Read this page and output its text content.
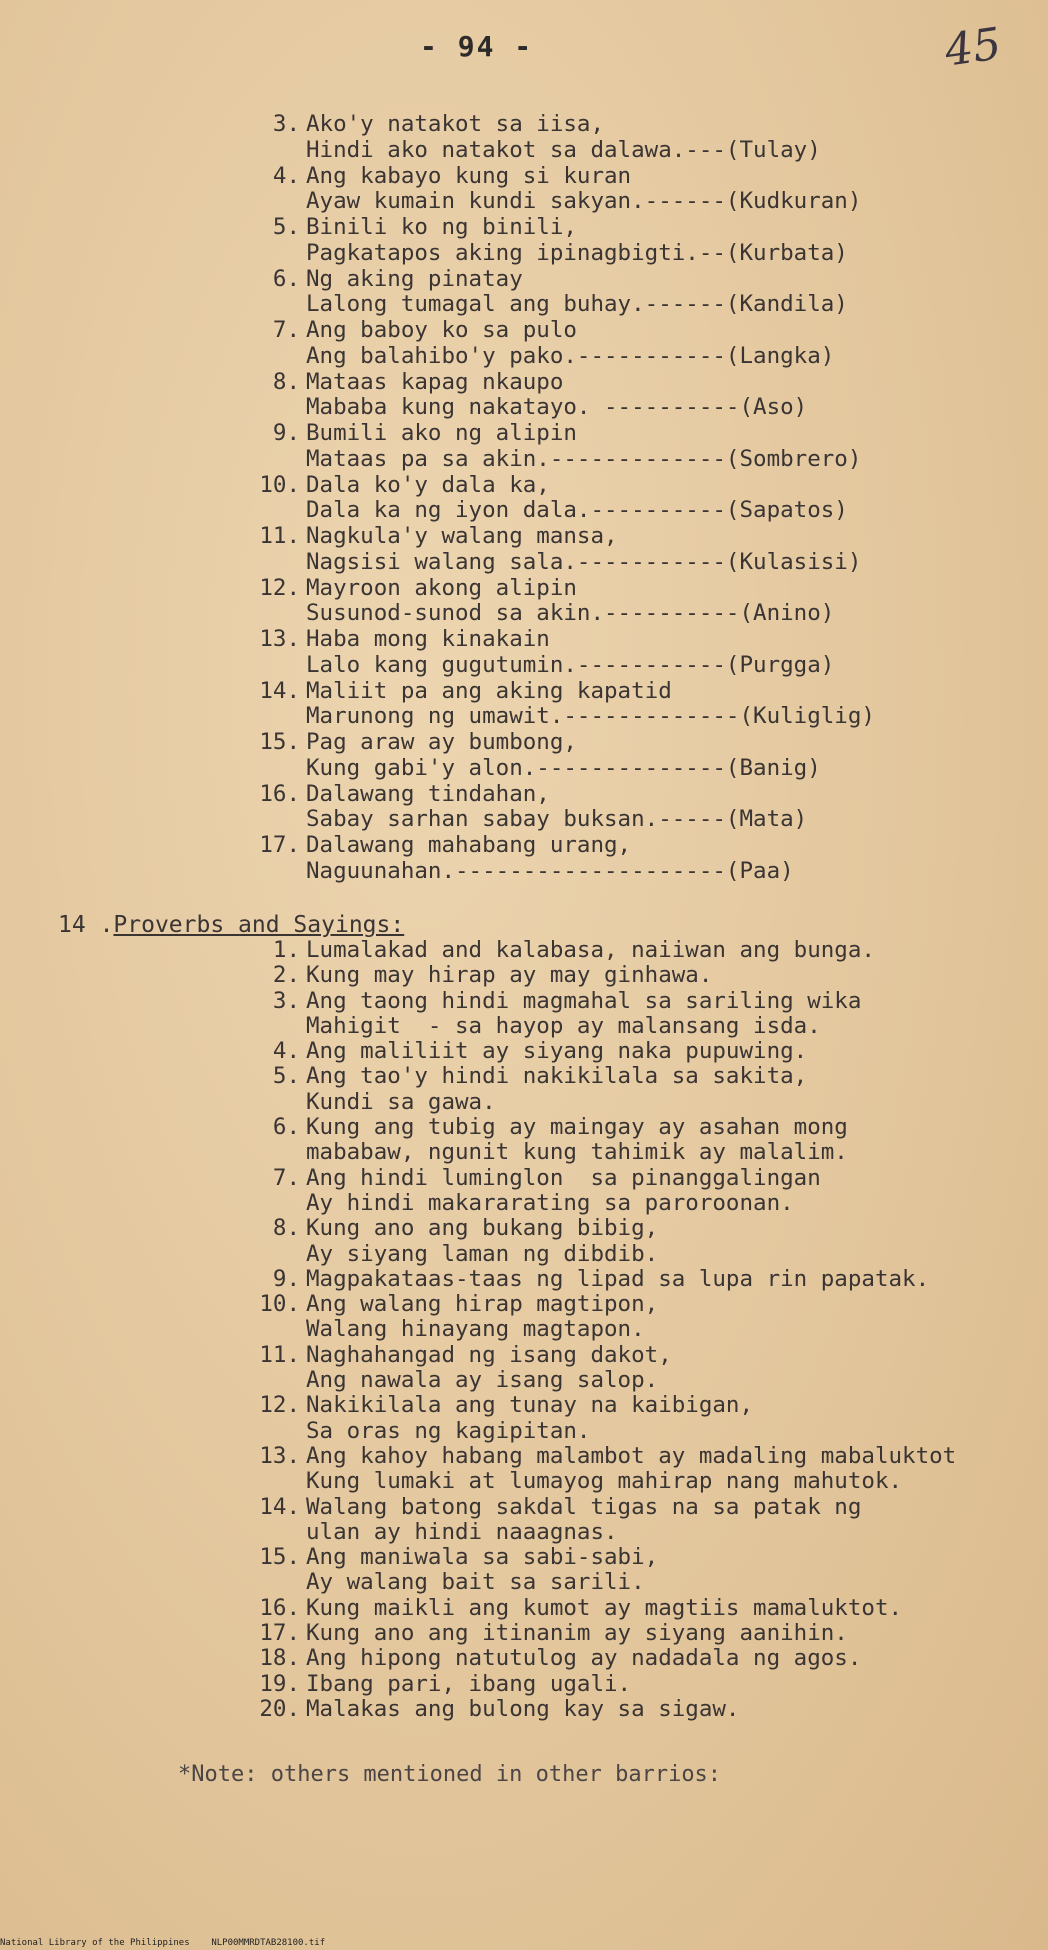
- 94 -	45
3. Ako'y natakot sa iisa,
Hindi ako natakot sa dalawa.---(Tulay)
4. Ang kabayo kung si kuran
Ayaw kumain kundi sakyan.------(Kudkuran)
5. Binili ko ng binili,
Pagkatapos aking ipinagbigti.--(Kurbata)
6. Ng aking pinatay
Lalong tumagal ang buhay.------(Kandila)
7. Ang baboy ko sa pulo
Ang balahibo'y pako.-----------(Langka)
8. Mataas kapag nkaupo
Mababa kung nakatayo. ----------(Aso)
9. Bumili ako ng alipin
Mataas pa sa akin.-------------(Sombrero)
10. Dala ko'y dala ka,
Dala ka ng iyon dala.----------(Sapatos)
11. Nagkula'y walang mansa,
Nagsisi walang sala.-----------(Kulasisi)
12. Mayroon akong alipin
Susunod-sunod sa akin.----------(Anino)
13. Haba mong kinakain
Lalo kang gugutumin.-----------(Purgga)
14. Maliit pa ang aking kapatid
Marunong ng umawit.-------------(Kuliglig)
15. Pag araw ay bumbong,
Kung gabi'y alon.--------------(Banig)
16. Dalawang tindahan,
Sabay sarhan sabay buksan.-----(Mata)
17. Dalawang mahabang urang,
Naguunahan.--------------------(Paa)
14 .Proverbs and Sayings:
1. Lumalakad and kalabasa, naiiwan ang bunga.
2. Kung may hirap ay may ginhawa.
3. Ang taong hindi magmahal sa sariling wika
Mahigit  - sa hayop ay malansang isda.
4. Ang maliliit ay siyang naka pupuwing.
5. Ang tao'y hindi nakikilala sa sakita,
Kundi sa gawa.
6. Kung ang tubig ay maingay ay asahan mong
mababaw, ngunit kung tahimik ay malalim.
7. Ang hindi luminglon  sa pinanggalingan
Ay hindi makararating sa paroroonan.
8. Kung ano ang bukang bibig,
Ay siyang laman ng dibdib.
9. Magpakataas-taas ng lipad sa lupa rin papatak.
10. Ang walang hirap magtipon,
Walang hinayang magtapon.
11. Naghahangad ng isang dakot,
Ang nawala ay isang salop.
12. Nakikilala ang tunay na kaibigan,
Sa oras ng kagipitan.
13. Ang kahoy habang malambot ay madaling mabaluktot
Kung lumaki at lumayog mahirap nang mahutok.
14. Walang batong sakdal tigas na sa patak ng
ulan ay hindi naaagnas.
15. Ang maniwala sa sabi-sabi,
Ay walang bait sa sarili.
16. Kung maikli ang kumot ay magtiis mamaluktot.
17. Kung ano ang itinanim ay siyang aanihin.
18. Ang hipong natutulog ay nadadala ng agos.
19. Ibang pari, ibang ugali.
20. Malakas ang bulong kay sa sigaw.
*Note: others mentioned in other barrios:
National Library of the Philippines    NLP00MMRDTAB28100.tif
